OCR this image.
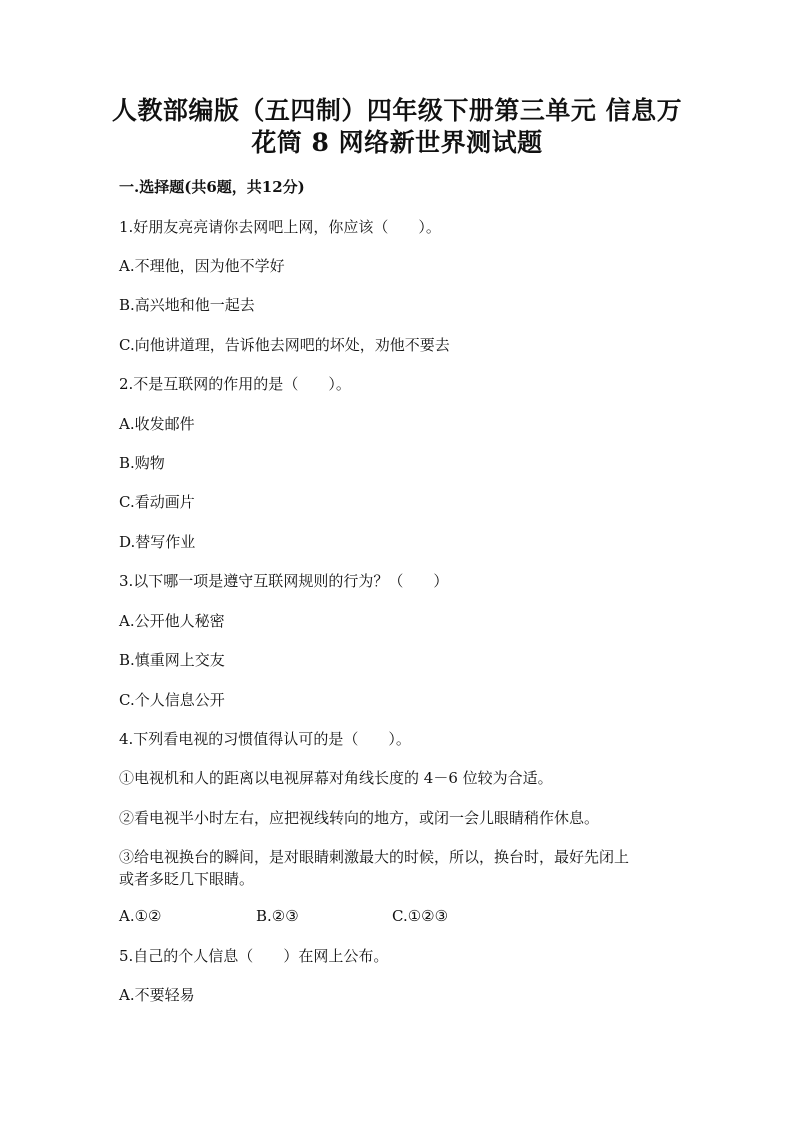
人教部编版（五四制）四年级下册第三单元 信息万
花筒 8 网络新世界测试题
一.选择题(共6题，共12分)
1.好朋友亮亮请你去网吧上网，你应该（　　）。
A.不理他，因为他不学好
B.高兴地和他一起去
C.向他讲道理，告诉他去网吧的坏处，劝他不要去
2.不是互联网的作用的是（　　）。
A.收发邮件
B.购物
C.看动画片
D.替写作业
3.以下哪一项是遵守互联网规则的行为？（　　）
A.公开他人秘密
B.慎重网上交友
C.个人信息公开
4.下列看电视的习惯值得认可的是（　　）。
①电视机和人的距离以电视屏幕对角线长度的 4－6 位较为合适。
②看电视半小时左右，应把视线转向的地方，或闭一会儿眼睛稍作休息。
③给电视换台的瞬间，是对眼睛刺激最大的时候，所以，换台时，最好先闭上
或者多眨几下眼睛。
A.①②	B.②③	C.①②③
5.自己的个人信息（　　）在网上公布。
A.不要轻易
